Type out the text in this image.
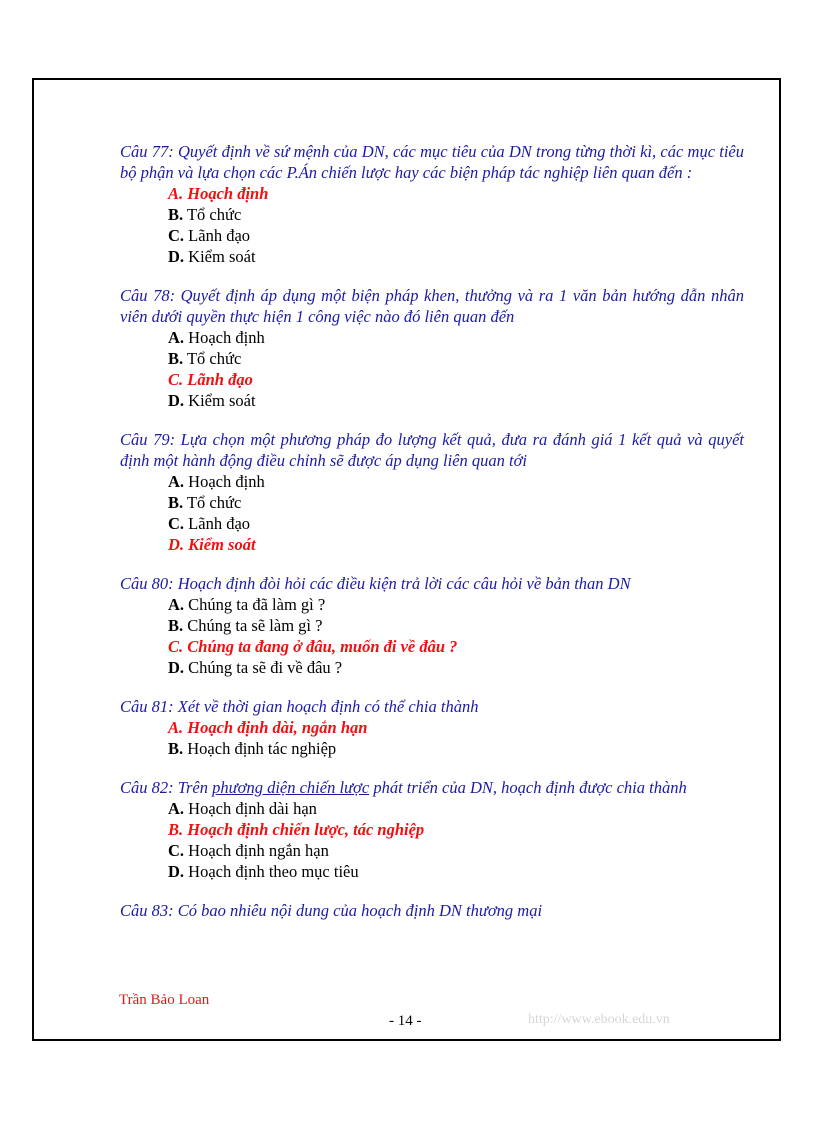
Câu 77: Quyết định về sứ mệnh của DN, các mục tiêu của DN trong từng thời kì, các mục tiêu bộ phận và lựa chọn các P.Án chiến lược hay các biện pháp tác nghiệp liên quan đến :

A. Hoạch định
B. Tổ chức
C. Lãnh đạo
D. Kiểm soát

Câu 78: Quyết định áp dụng một biện pháp khen, thưởng và ra 1 văn bản hướng dẫn nhân viên dưới quyền thực hiện 1 công việc nào đó liên quan đến

A. Hoạch định
B. Tổ chức
C. Lãnh đạo
D. Kiểm soát

Câu 79: Lựa chọn một phương pháp đo lượng kết quả, đưa ra đánh giá 1 kết quả và quyết định một hành động điều chỉnh sẽ được áp dụng liên quan tới

A. Hoạch định
B. Tổ chức
C. Lãnh đạo
D. Kiểm soát

Câu 80: Hoạch định đòi hỏi các điều kiện trả lời các câu hỏi về bản than DN

A. Chúng ta đã làm gì ?
B. Chúng ta sẽ làm gì ?
C. Chúng ta đang ở đâu, muốn đi về đâu ?
D. Chúng ta sẽ đi về đâu ?

Câu 81: Xét về thời gian hoạch định có thể chia thành

A. Hoạch định dài, ngắn hạn
B. Hoạch định tác nghiệp

Câu 82: Trên phương diện chiến lược phát triển của DN, hoạch định được chia thành

A. Hoạch định dài hạn
B. Hoạch định chiến lược, tác nghiệp
C. Hoạch định ngắn hạn
D. Hoạch định theo mục tiêu

Câu 83: Có bao nhiêu nội dung của hoạch định DN thương mại

Trần Bảo Loan
- 14 -	http://www.ebook.edu.vn
